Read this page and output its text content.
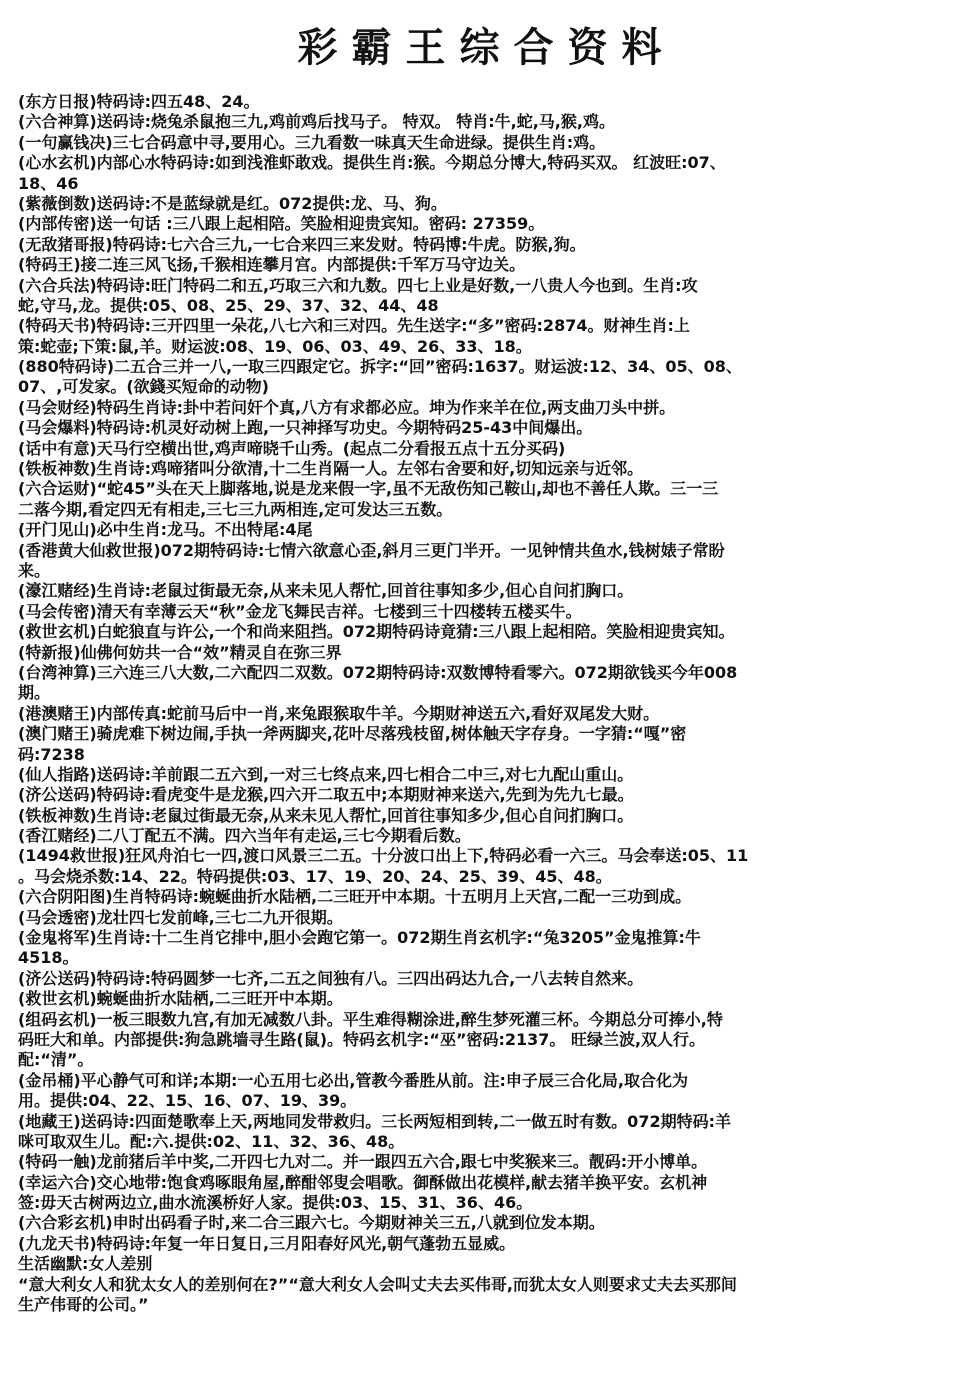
彩霸王综合资料
(东方日报)特码诗:四五48、24。
(六合神算)送码诗:烧兔杀鼠抱三九,鸡前鸡后找马子。 特双。 特肖:牛,蛇,马,猴,鸡。
(一句赢钱决)三七合码意中寻,要用心。三九看数一味真天生命进绿。提供生肖:鸡。
(心水玄机)内部心水特码诗:如到浅淮虾敢戏。提供生肖:猴。今期总分博大,特码买双。 红波旺:07、
18、46
(紫薇倒数)送码诗:不是蓝绿就是红。072提供:龙、马、狗。
(内部传密)送一句话 :三八跟上起相陪。笑脸相迎贵宾知。密码: 27359。
(无敌猪哥报)特码诗:七六合三九,一七合来四三来发财。特码博:牛虎。防猴,狗。
(特码王)接二连三风飞扬,千猴相连攀月宫。内部提供:千军万马守边关。
(六合兵法)特码诗:旺门特码二和五,巧取三六和九数。四七上业是好数,一八贵人今也到。生肖:攻
蛇,守马,龙。提供:05、08、25、29、37、32、44、48
(特码天书)特码诗:三开四里一朵花,八七六和三对四。先生送字:“多”密码:2874。财神生肖:上
策:蛇壶;下策:鼠,羊。财运波:08、19、06、03、49、26、33、18。
(880特码诗)二五合三并一八,一取三四跟定它。拆字:“回”密码:1637。财运波:12、34、05、08、
07、,可发家。(欲錢买短命的动物)
(马会财经)特码生肖诗:卦中若问奸个真,八方有求都必应。坤为作来羊在位,两支曲刀头中拼。
(马会爆料)特码诗:机灵好动树上跑,一只神择写功史。今期特码25-43中间爆出。
(话中有意)天马行空横出世,鸡声啼晓千山秀。(起点二分看报五点十五分买码)
(铁板神数)生肖诗:鸡啼猪叫分欲清,十二生肖隔一人。左邻右舍要和好,切知远亲与近邻。
(六合运财)“蛇45”头在天上脚落地,说是龙来假一字,虽不无敌伤知己鞍山,却也不善任人欺。三一三
二落今期,看定四无有相走,三七三九两相连,定可发达三五数。
(开门见山)必中生肖:龙马。不出特尾:4尾
(香港黄大仙救世报)072期特码诗:七情六欲意心歪,斜月三更门半开。一见钟情共鱼水,钱树婊子常盼
来。
(濠江赌经)生肖诗:老鼠过街最无奈,从来未见人帮忙,回首往事知多少,但心自问扪胸口。
(马会传密)清天有幸薄云天“秋”金龙飞舞民吉祥。七楼到三十四楼转五楼买牛。
(救世玄机)白蛇狼直与许公,一个和尚来阻挡。072期特码诗竟猜:三八跟上起相陪。笑脸相迎贵宾知。
(特新报)仙佛何妨共一合“效”精灵自在弥三界
(台湾神算)三六连三八大数,二六配四二双数。072期特码诗:双数博特看零六。072期欲钱买今年008
期。
(港澳赌王)内部传真:蛇前马后中一肖,来兔跟猴取牛羊。今期财神送五六,看好双尾发大财。
(澳门赌王)骑虎难下树边闹,手执一斧两脚夹,花叶尽落残枝留,树体触天字存身。一字猜:“嘎”密
码:7238
(仙人指路)送码诗:羊前跟二五六到,一对三七终点来,四七相合二中三,对七九配山重山。
(济公送码)特码诗:看虎变牛是龙猴,四六开二取五中;本期财神来送六,先到为先九七最。
(铁板神数)生肖诗:老鼠过街最无奈,从来未见人帮忙,回首往事知多少,但心自问扪胸口。
(香江赌经)二八丁配五不满。四六当年有走运,三七今期看后数。
(1494救世报)狂风舟泊七一四,渡口风景三二五。十分波口出上下,特码必看一六三。马会奉送:05、11
。马会烧杀数:14、22。特码提供:03、17、19、20、24、25、39、45、48。
(六合阴阳图)生肖特码诗:蜿蜒曲折水陆栖,二三旺开中本期。十五明月上天宫,二配一三功到成。
(马会透密)龙壮四七发前峰,三七二九开很期。
(金鬼将军)生肖诗:十二生肖它排中,胆小会跑它第一。072期生肖玄机字:“兔3205”金鬼推算:牛
4518。
(济公送码)特码诗:特码圆梦一七齐,二五之间独有八。三四出码达九合,一八去转自然来。
(救世玄机)蜿蜒曲折水陆栖,二三旺开中本期。
(组码玄机)一板三眼数九宫,有加无减数八卦。平生难得糊涂进,醉生梦死灌三杯。今期总分可捧小,特
码旺大和单。内部提供:狗急跳墙寻生路(鼠)。特码玄机字:“巫”密码:2137。 旺绿兰波,双人行。
配:“清”。
(金吊桶)平心静气可和详;本期:一心五用七必出,管教今番胜从前。注:申子辰三合化局,取合化为
用。提供:04、22、15、16、07、19、39。
(地藏王)送码诗:四面楚歌奉上天,两地同发带救归。三长两短相到转,二一做五时有数。072期特码:羊
咪可取双生儿。配:六.提供:02、11、32、36、48。
(特码一触)龙前猪后羊中奖,二开四七九对二。并一跟四五六合,跟七中奖猴来三。靓码:开小博单。
(幸运六合)交心地带:饱食鸡啄眼角屋,醉酣邻叟会唱歌。御酥做出花模样,献去猪羊换平安。玄机神
签:毋天古树两边立,曲水流溪桥好人家。提供:03、15、31、36、46。
(六合彩玄机)申时出码看子时,来二合三跟六七。今期财神关三五,八就到位发本期。
(九龙天书)特码诗:年复一年日复日,三月阳春好风光,朝气蓬勃五显威。
生活幽默:女人差别
“意大利女人和犹太女人的差别何在?”“意大利女人会叫丈夫去买伟哥,而犹太女人则要求丈夫去买那间
生产伟哥的公司。”
